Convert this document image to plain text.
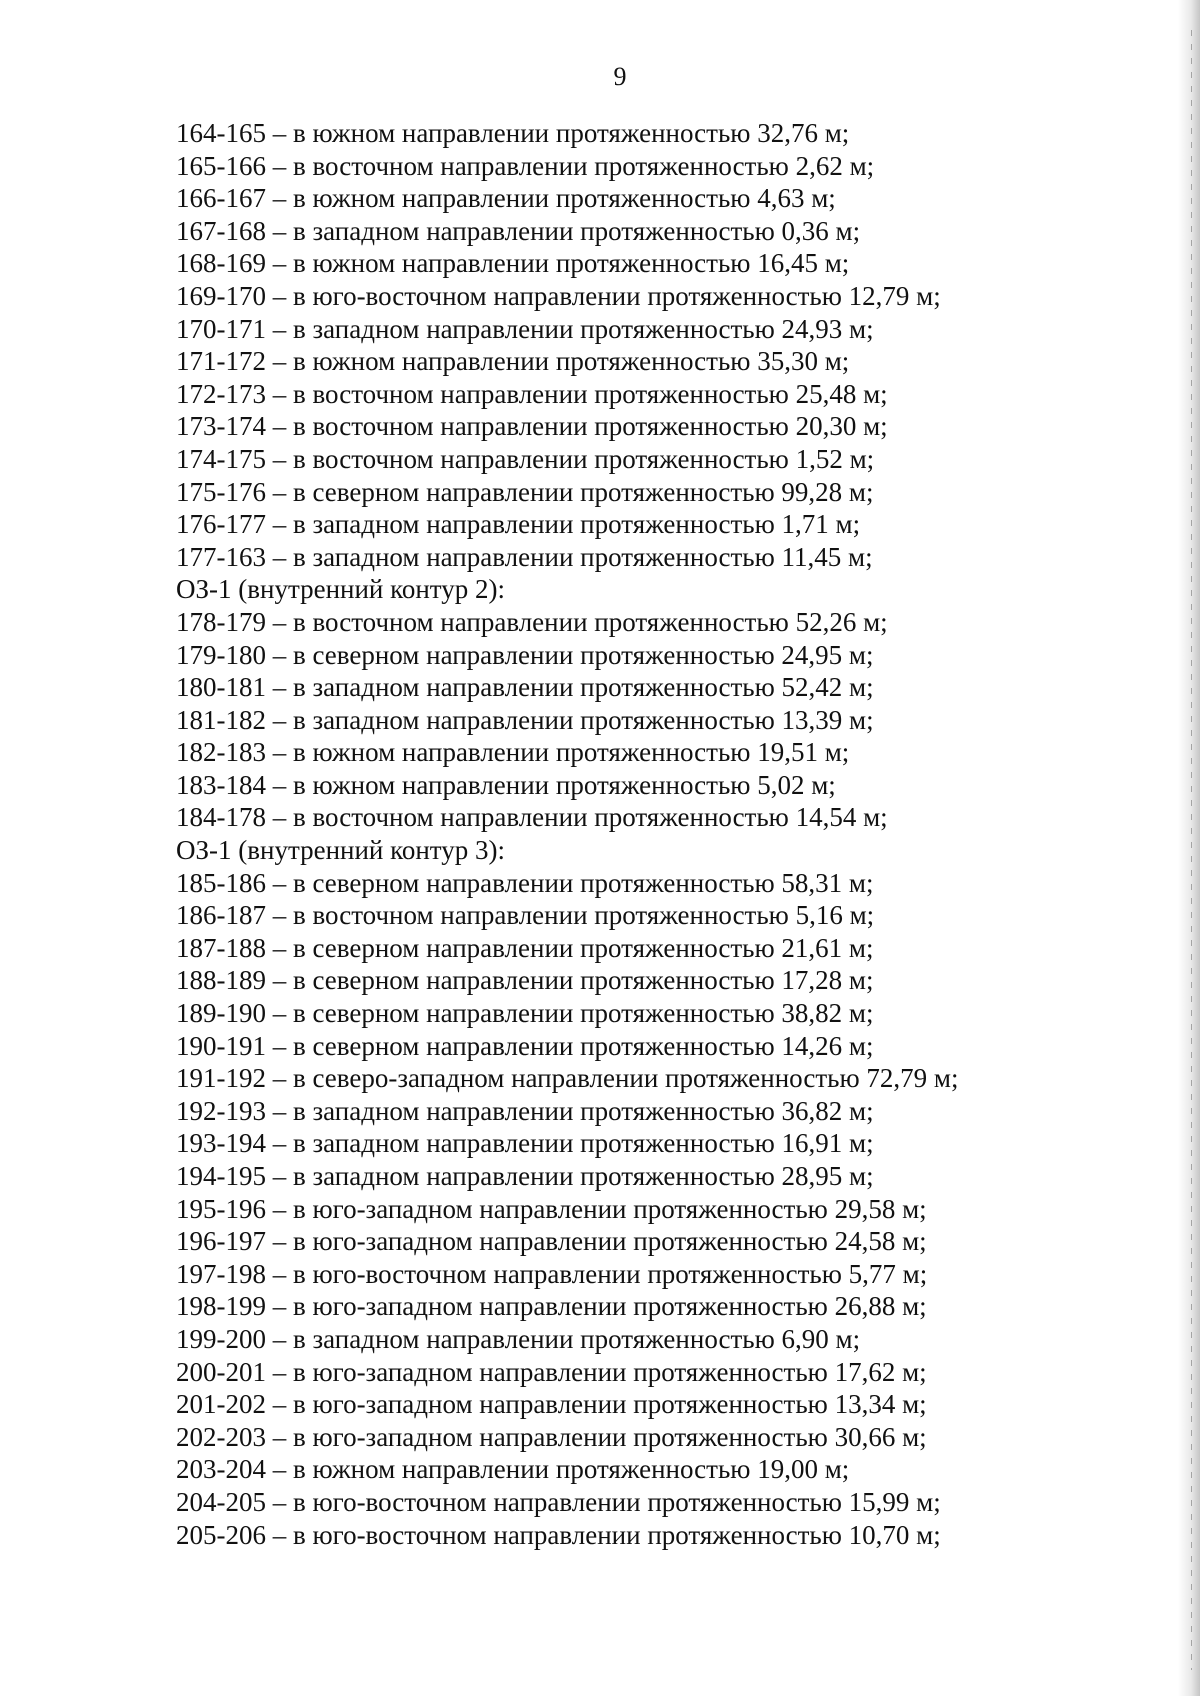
9
164-165 – в южном направлении протяженностью 32,76 м;
165-166 – в восточном направлении протяженностью 2,62 м;
166-167 – в южном направлении протяженностью 4,63 м;
167-168 – в западном направлении протяженностью 0,36 м;
168-169 – в южном направлении протяженностью 16,45 м;
169-170 – в юго-восточном направлении протяженностью 12,79 м;
170-171 – в западном направлении протяженностью 24,93 м;
171-172 – в южном направлении протяженностью 35,30 м;
172-173 – в восточном направлении протяженностью 25,48 м;
173-174 – в восточном направлении протяженностью 20,30 м;
174-175 – в восточном направлении протяженностью 1,52 м;
175-176 – в северном направлении протяженностью 99,28 м;
176-177 – в западном направлении протяженностью 1,71 м;
177-163 – в западном направлении протяженностью 11,45 м;
ОЗ-1 (внутренний контур 2):
178-179 – в восточном направлении протяженностью 52,26 м;
179-180 – в северном направлении протяженностью 24,95 м;
180-181 – в западном направлении протяженностью 52,42 м;
181-182 – в западном направлении протяженностью 13,39 м;
182-183 – в южном направлении протяженностью 19,51 м;
183-184 – в южном направлении протяженностью 5,02 м;
184-178 – в восточном направлении протяженностью 14,54 м;
ОЗ-1 (внутренний контур 3):
185-186 – в северном направлении протяженностью 58,31 м;
186-187 – в восточном направлении протяженностью 5,16 м;
187-188 – в северном направлении протяженностью 21,61 м;
188-189 – в северном направлении протяженностью 17,28 м;
189-190 – в северном направлении протяженностью 38,82 м;
190-191 – в северном направлении протяженностью 14,26 м;
191-192 – в северо-западном направлении протяженностью 72,79 м;
192-193 – в западном направлении протяженностью 36,82 м;
193-194 – в западном направлении протяженностью 16,91 м;
194-195 – в западном направлении протяженностью 28,95 м;
195-196 – в юго-западном направлении протяженностью 29,58 м;
196-197 – в юго-западном направлении протяженностью 24,58 м;
197-198 – в юго-восточном направлении протяженностью 5,77 м;
198-199 – в юго-западном направлении протяженностью 26,88 м;
199-200 – в западном направлении протяженностью 6,90 м;
200-201 – в юго-западном направлении протяженностью 17,62 м;
201-202 – в юго-западном направлении протяженностью 13,34 м;
202-203 – в юго-западном направлении протяженностью 30,66 м;
203-204 – в южном направлении протяженностью 19,00 м;
204-205 – в юго-восточном направлении протяженностью 15,99 м;
205-206 – в юго-восточном направлении протяженностью 10,70 м;
